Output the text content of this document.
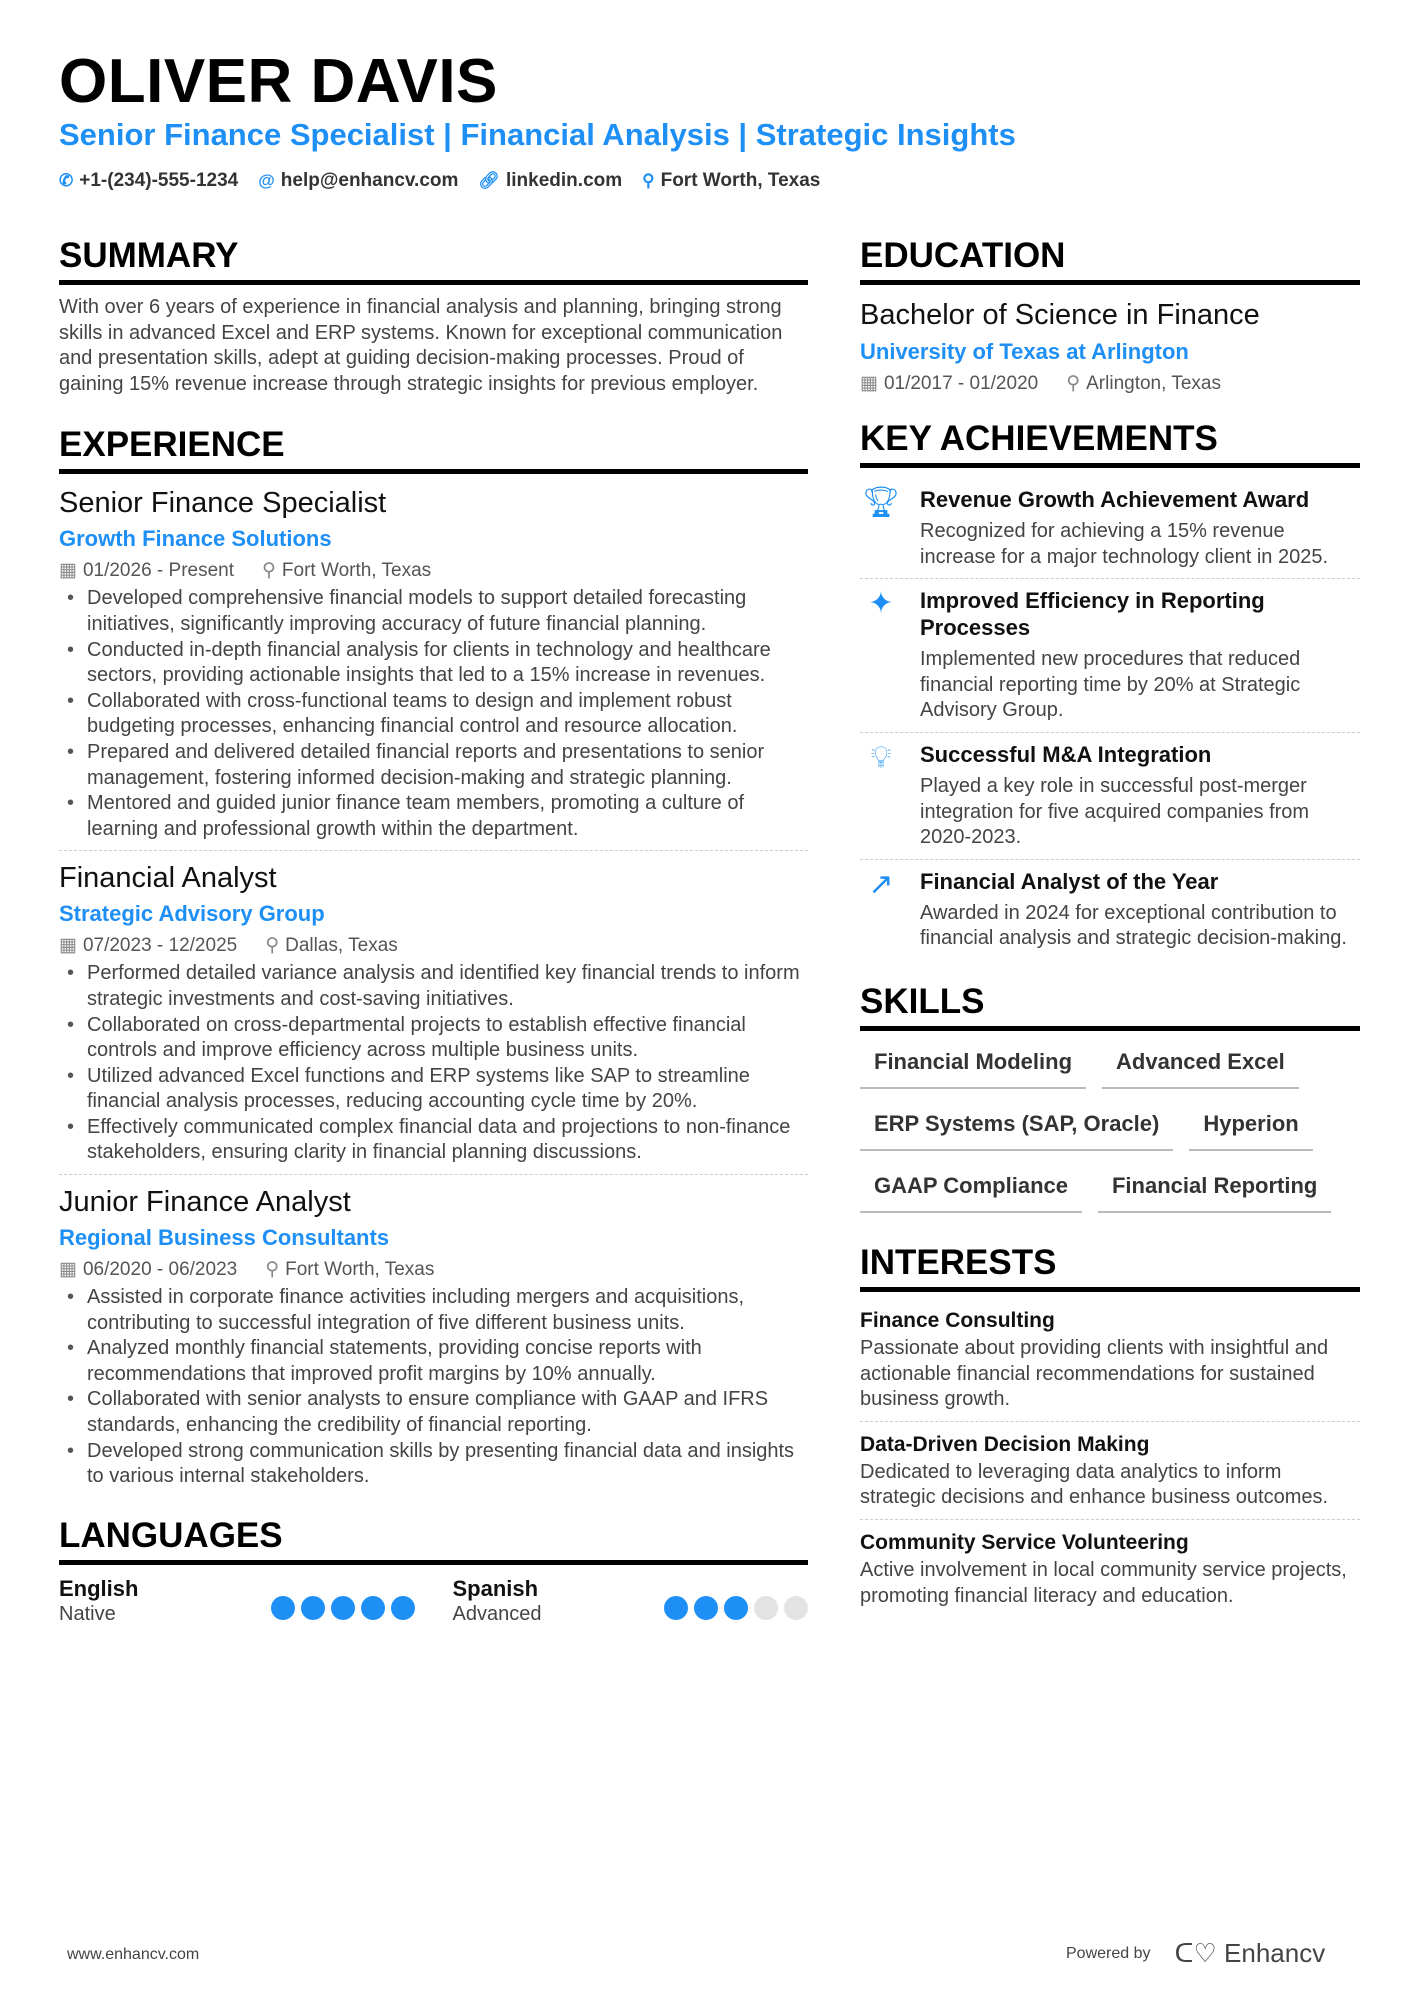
OLIVER DAVIS
Senior Finance Specialist | Financial Analysis | Strategic Insights
✆ +1-(234)-555-1234 @ help@enhancv.com 🔗︎ linkedin.com ⚲ Fort Worth, Texas
SUMMARY
With over 6 years of experience in financial analysis and planning, bringing strong skills in advanced Excel and ERP systems. Known for exceptional communication and presentation skills, adept at guiding decision-making processes. Proud of gaining 15% revenue increase through strategic insights for previous employer.
EXPERIENCE
Senior Finance Specialist
Growth Finance Solutions
▦ 01/2026 - Present ⚲ Fort Worth, Texas
• Developed comprehensive financial models to support detailed forecasting initiatives, significantly improving accuracy of future financial planning.
• Conducted in-depth financial analysis for clients in technology and healthcare sectors, providing actionable insights that led to a 15% increase in revenues.
• Collaborated with cross-functional teams to design and implement robust budgeting processes, enhancing financial control and resource allocation.
• Prepared and delivered detailed financial reports and presentations to senior management, fostering informed decision-making and strategic planning.
• Mentored and guided junior finance team members, promoting a culture of learning and professional growth within the department.
Financial Analyst
Strategic Advisory Group
▦ 07/2023 - 12/2025 ⚲ Dallas, Texas
• Performed detailed variance analysis and identified key financial trends to inform strategic investments and cost-saving initiatives.
• Collaborated on cross-departmental projects to establish effective financial controls and improve efficiency across multiple business units.
• Utilized advanced Excel functions and ERP systems like SAP to streamline financial analysis processes, reducing accounting cycle time by 20%.
• Effectively communicated complex financial data and projections to non-finance stakeholders, ensuring clarity in financial planning discussions.
Junior Finance Analyst
Regional Business Consultants
▦ 06/2020 - 06/2023 ⚲ Fort Worth, Texas
• Assisted in corporate finance activities including mergers and acquisitions, contributing to successful integration of five different business units.
• Analyzed monthly financial statements, providing concise reports with recommendations that improved profit margins by 10% annually.
• Collaborated with senior analysts to ensure compliance with GAAP and IFRS standards, enhancing the credibility of financial reporting.
• Developed strong communication skills by presenting financial data and insights to various internal stakeholders.
LANGUAGES
English
Native
Spanish
Advanced
EDUCATION
Bachelor of Science in Finance
University of Texas at Arlington
▦ 01/2017 - 01/2020 ⚲ Arlington, Texas
KEY ACHIEVEMENTS
🏆︎ Revenue Growth Achievement Award
Recognized for achieving a 15% revenue increase for a major technology client in 2025.
✦	Improved Efficiency in Reporting Processes
Implemented new procedures that reduced financial reporting time by 20% at Strategic Advisory Group.
💡︎	Successful M&A Integration
Played a key role in successful post-merger integration for five acquired companies from 2020-2023.
↗	Financial Analyst of the Year
Awarded in 2024 for exceptional contribution to financial analysis and strategic decision-making.
SKILLS
Financial Modeling	Advanced Excel
ERP Systems (SAP, Oracle)	Hyperion
GAAP Compliance	Financial Reporting
INTERESTS
Finance Consulting
Passionate about providing clients with insightful and actionable financial recommendations for sustained business growth.
Data-Driven Decision Making
Dedicated to leveraging data analytics to inform strategic decisions and enhance business outcomes.
Community Service Volunteering
Active involvement in local community service projects, promoting financial literacy and education.
www.enhancv.com	Powered by ᑕ♡ Enhancv
